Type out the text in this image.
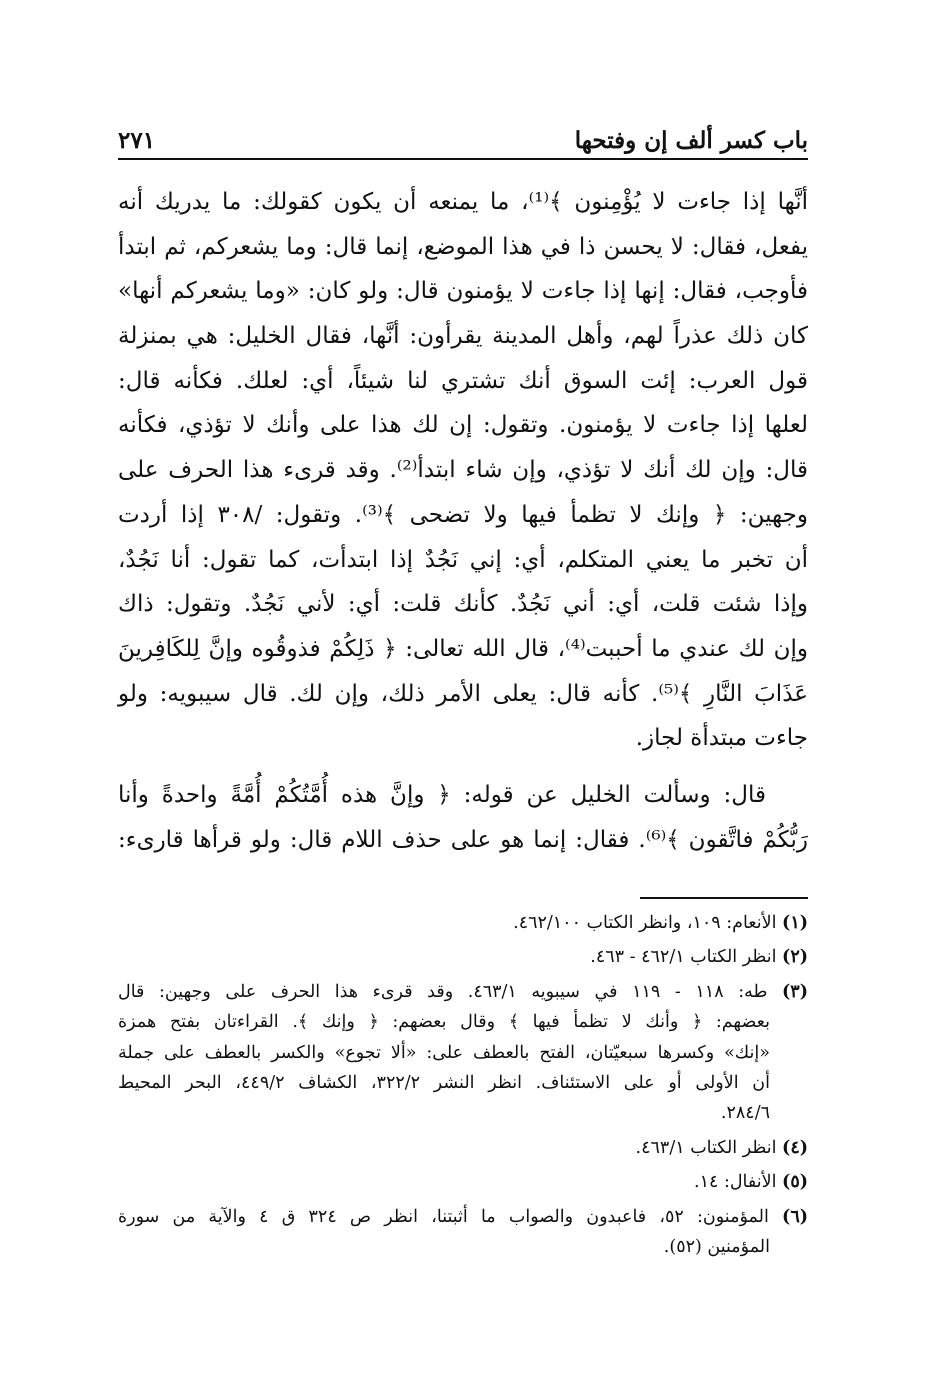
باب كسر ألف إن وفتحها
٢٧١
أنَّها إذا جاءت لا يُؤْمِنون ﴾⁽¹⁾، ما يمنعه أن يكون كقولك: ما يدريك أنه
يفعل، فقال: لا يحسن ذا في هذا الموضع، إنما قال: وما يشعركم، ثم ابتدأ
فأوجب، فقال: إنها إذا جاءت لا يؤمنون قال: ولو كان: «وما يشعركم أنها»
كان ذلك عذراً لهم، وأهل المدينة يقرأون: أنَّها، فقال الخليل: هي بمنزلة
قول العرب: إئت السوق أنك تشتري لنا شيئاً، أي: لعلك. فكأنه قال:
لعلها إذا جاءت لا يؤمنون. وتقول: إن لك هذا على وأنك لا تؤذي، فكأنه
قال: وإن لك أنك لا تؤذي، وإن شاء ابتدأ⁽²⁾. وقد قرىء هذا الحرف على
وجهين: ﴿ وإنك لا تظمأ فيها ولا تضحى ﴾⁽³⁾. وتقول: /٣٠٨ إذا أردت
أن تخبر ما يعني المتكلم، أي: إني نَجُدٌ إذا ابتدأت، كما تقول: أنا نَجُدٌ،
وإذا شئت قلت، أي: أني نَجُدٌ. كأنك قلت: أي: لأني نَجُدٌ. وتقول: ذاك
وإن لك عندي ما أحببت⁽⁴⁾، قال الله تعالى: ﴿ ذَلِكُمْ فذوقُوه وإنَّ لِلكَافِرينَ
عَذَابَ النَّارِ ﴾⁽⁵⁾. كأنه قال: يعلى الأمر ذلك، وإن لك. قال سيبويه: ولو
جاءت مبتدأة لجاز.
قال: وسألت الخليل عن قوله: ﴿ وإنَّ هذه أُمَّتُكُمْ أُمَّةً واحدةً وأنا
رَبُّكُمْ فاتَّقون ﴾⁽⁶⁾. فقال: إنما هو على حذف اللام قال: ولو قرأها قارىء:
(١) الأنعام: ١٠٩، وانظر الكتاب ٤٦٢/١٠٠.
(٢) انظر الكتاب ٤٦٢/١ - ٤٦٣.
(٣) طه: ١١٨ - ١١٩ في سيبويه ٤٦٣/١. وقد قرىء هذا الحرف على وجهين: قال
بعضهم: ﴿ وأنك لا تظمأ فيها ﴾ وقال بعضهم: ﴿ وإنك ﴾. القراءتان بفتح همزة
«إنك» وكسرها سبعيّتان، الفتح بالعطف على: «ألا تجوع» والكسر بالعطف على جملة
أن الأولى أو على الاستئناف. انظر النشر ٣٢٢/٢، الكشاف ٤٤٩/٢، البحر المحيط
٢٨٤/٦.
(٤) انظر الكتاب ٤٦٣/١.
(٥) الأنفال: ١٤.
(٦) المؤمنون: ٥٢، فاعبدون والصواب ما أثبتنا، انظر ص ٣٢٤ ق ٤ والآية من سورة
المؤمنين (٥٢).
